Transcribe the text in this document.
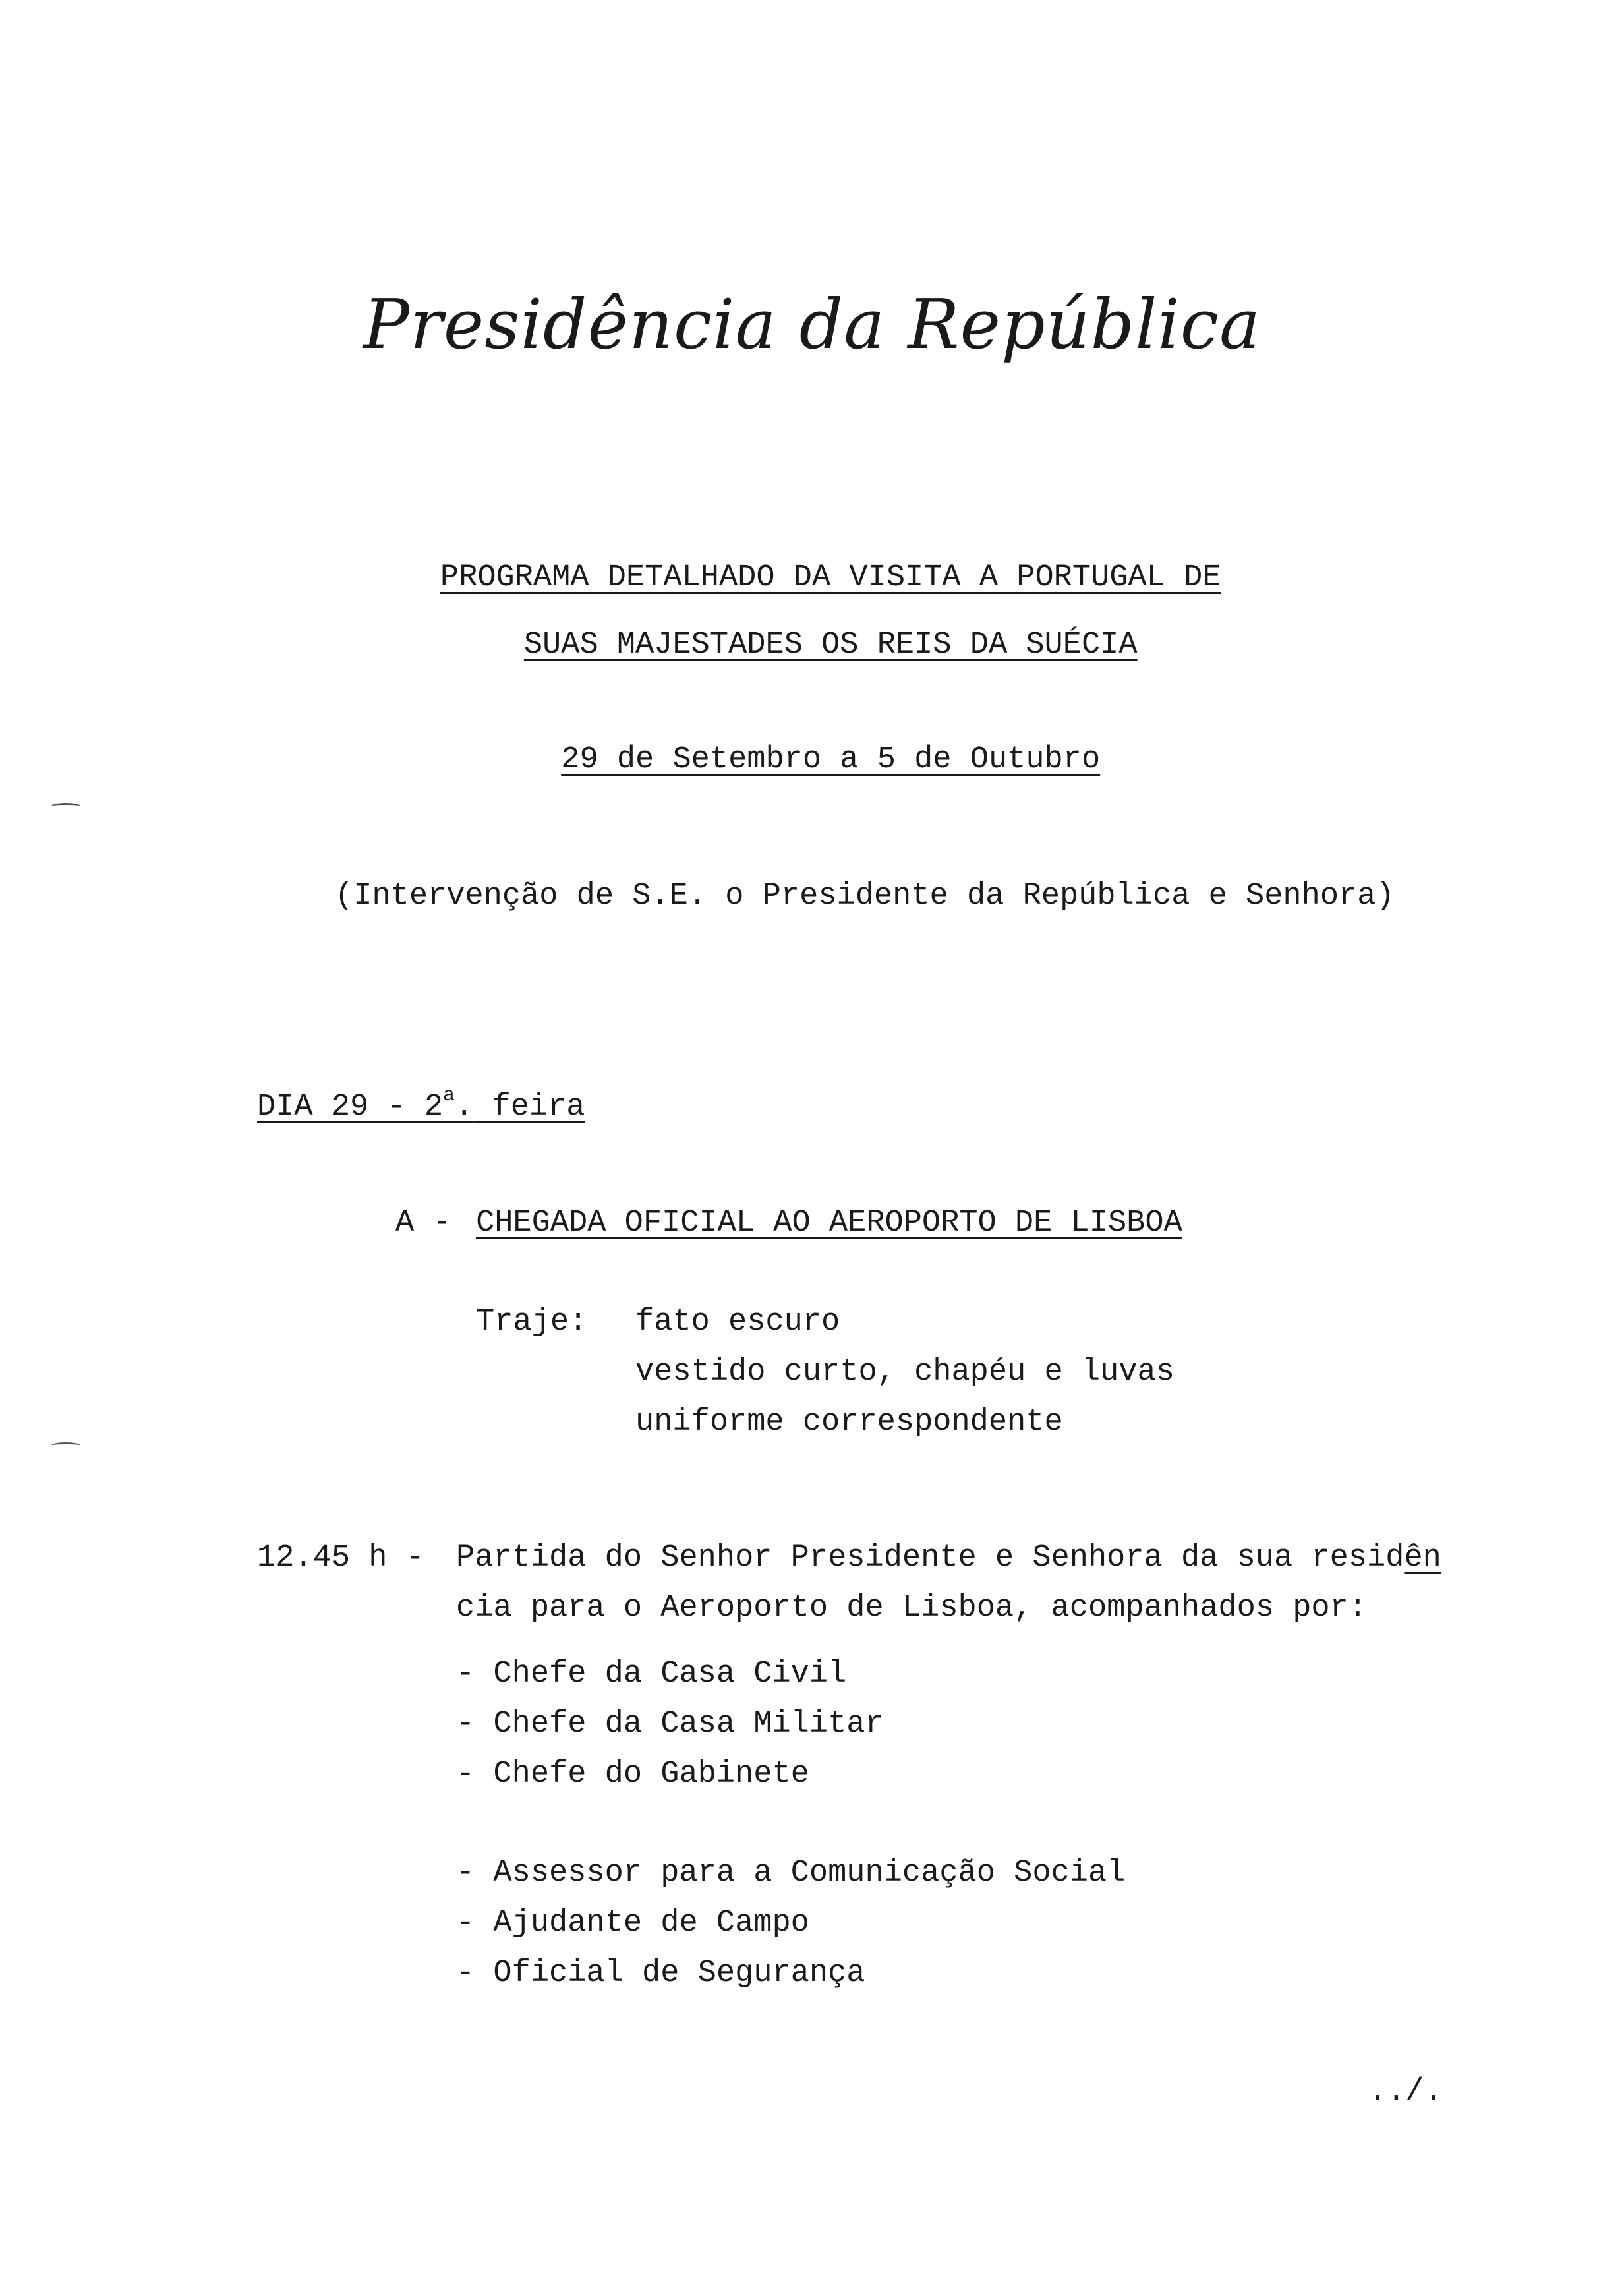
Presidência da República

PROGRAMA DETALHADO DA VISITA A PORTUGAL DE

SUAS MAJESTADES OS REIS DA SUÉCIA

29 de Setembro a 5 de Outubro

(Intervenção de S.E. o Presidente da República e Senhora)
DIA 29 - 2$^a$. feira
A - CHEGADA OFICIAL AO AEROPORTO DE LISBOA
Traje: fato escuro
vestido curto, chapéu e luvas
uniforme correspondente
12.45 h - Partida do Senhor Presidente e Senhora da sua residên
cia para o Aeroporto de Lisboa, acompanhados por:
- Chefe da Casa Civil
- Chefe da Casa Militar
- Chefe do Gabinete
- Assessor para a Comunicação Social
- Ajudante de Campo
- Oficial de Segurança
../.
